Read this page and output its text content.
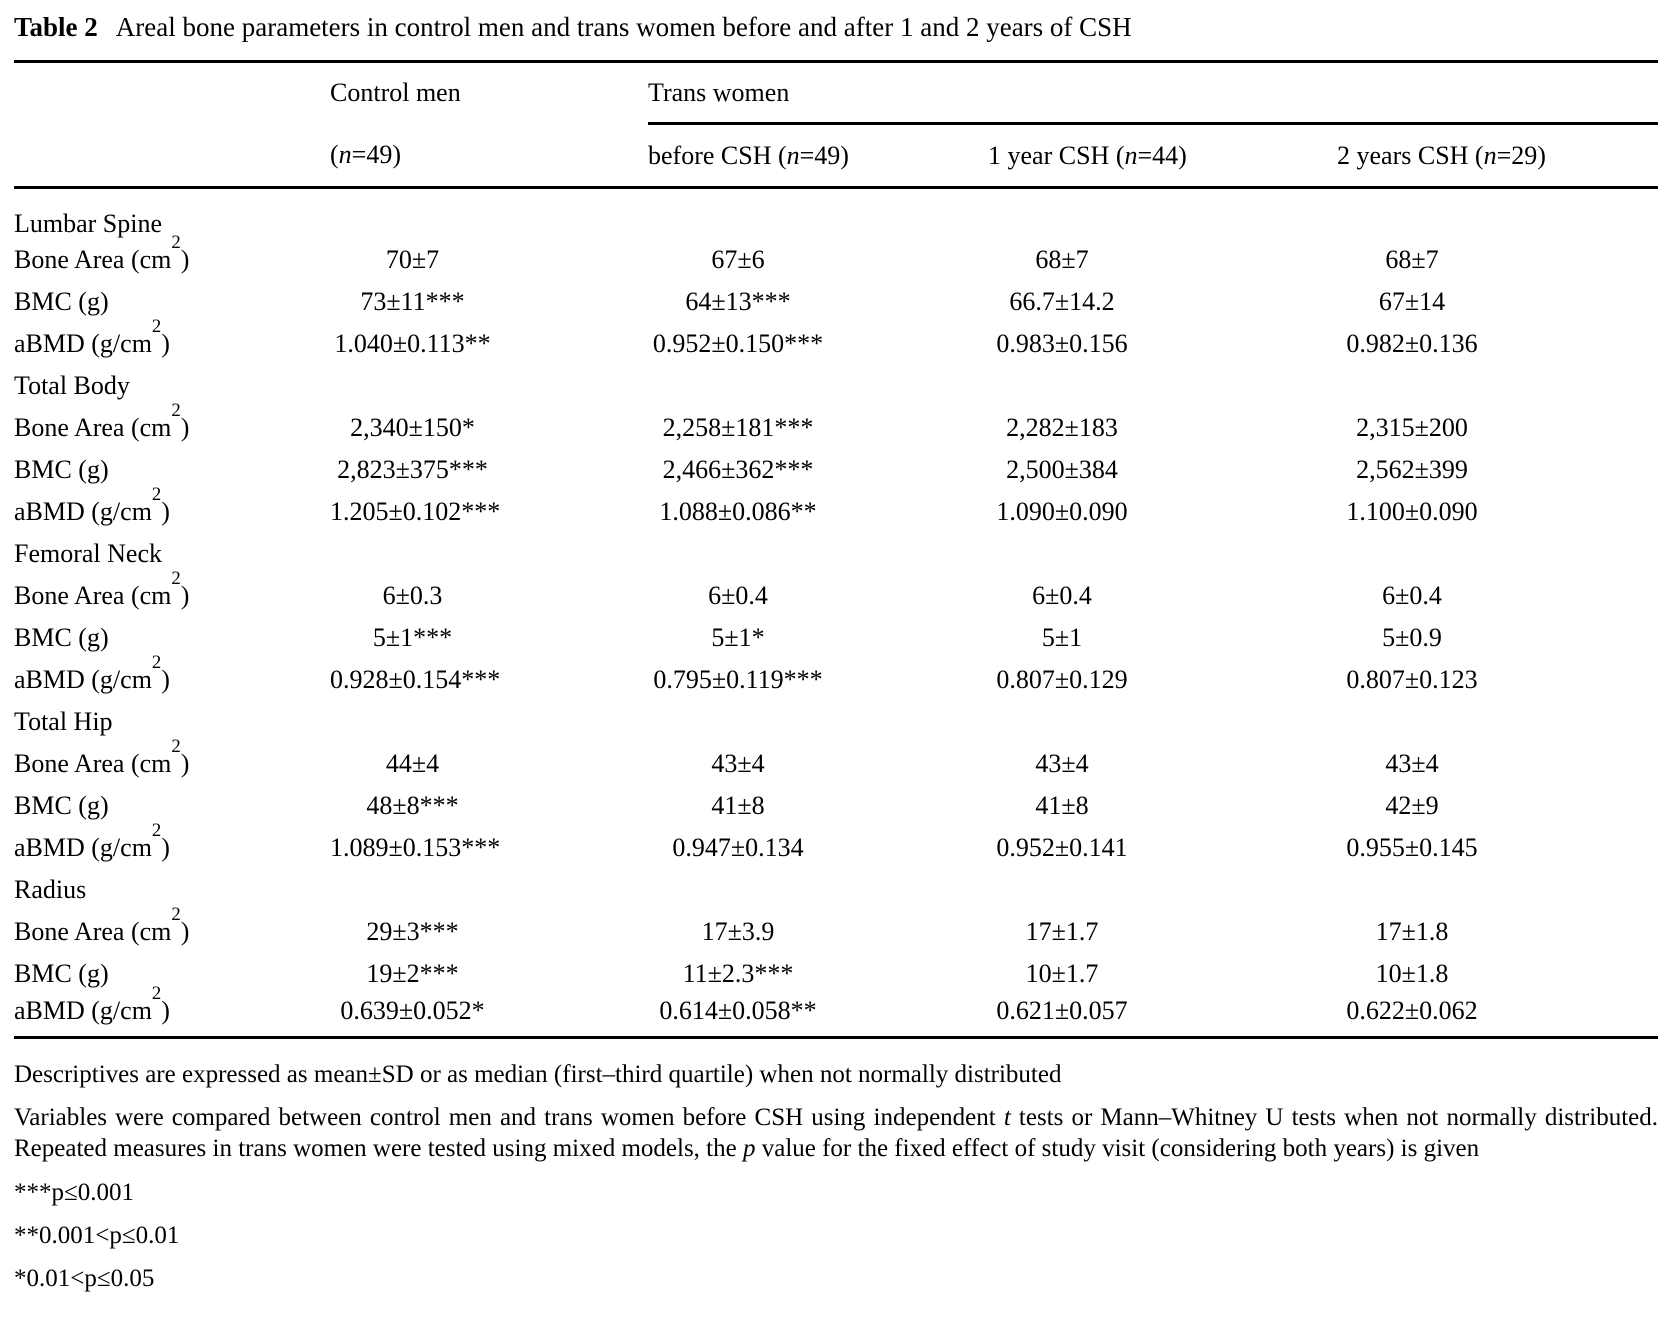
Table 2 Areal bone parameters in control men and trans women before and after 1 and 2 years of CSH

	Control men	Trans women		
	(n=49)	before CSH (n=49)	1 year CSH (n=44)	2 years CSH (n=29)
Lumbar Spine				
Bone Area $(cm^2)$	70±7	67±6	68±7	68±7
BMC (g)	73±11***	64±13***	66.7±14.2	67±14
aBMD $(g/cm^2)$	1.040±0.113**	0.952±0.150***	0.983±0.156	0.982±0.136
Total Body				
Bone Area $(cm^2)$	2,340±150*	2,258±181***	2,282±183	2,315±200
BMC (g)	2,823±375***	2,466±362***	2,500±384	2,562±399
aBMD $(g/cm^2)$	1.205±0.102***	1.088±0.086**	1.090±0.090	1.100±0.090
Femoral Neck				
Bone Area $(cm^2)$	6±0.3	6±0.4	6±0.4	6±0.4
BMC (g)	5±1***	5±1*	5±1	5±0.9
aBMD $(g/cm^2)$	0.928±0.154***	0.795±0.119***	0.807±0.129	0.807±0.123
Total Hip				
Bone Area $(cm^2)$	44±4	43±4	43±4	43±4
BMC (g)	48±8***	41±8	41±8	42±9
aBMD $(g/cm^2)$	1.089±0.153***	0.947±0.134	0.952±0.141	0.955±0.145
Radius				
Bone Area $(cm^2)$	29±3***	17±3.9	17±1.7	17±1.8
BMC (g)	19±2***	11±2.3***	10±1.7	10±1.8
aBMD $(g/cm^2)$	0.639±0.052*	0.614±0.058**	0.621±0.057	0.622±0.062

Descriptives are expressed as mean±SD or as median (first–third quartile) when not normally distributed

Variables were compared between control men and trans women before CSH using independent t tests or Mann–Whitney U tests when not normally distributed. Repeated measures in trans women were tested using mixed models, the p value for the fixed effect of study visit (considering both years) is given

***p≤0.001

**0.001<p≤0.01

*0.01<p≤0.05
